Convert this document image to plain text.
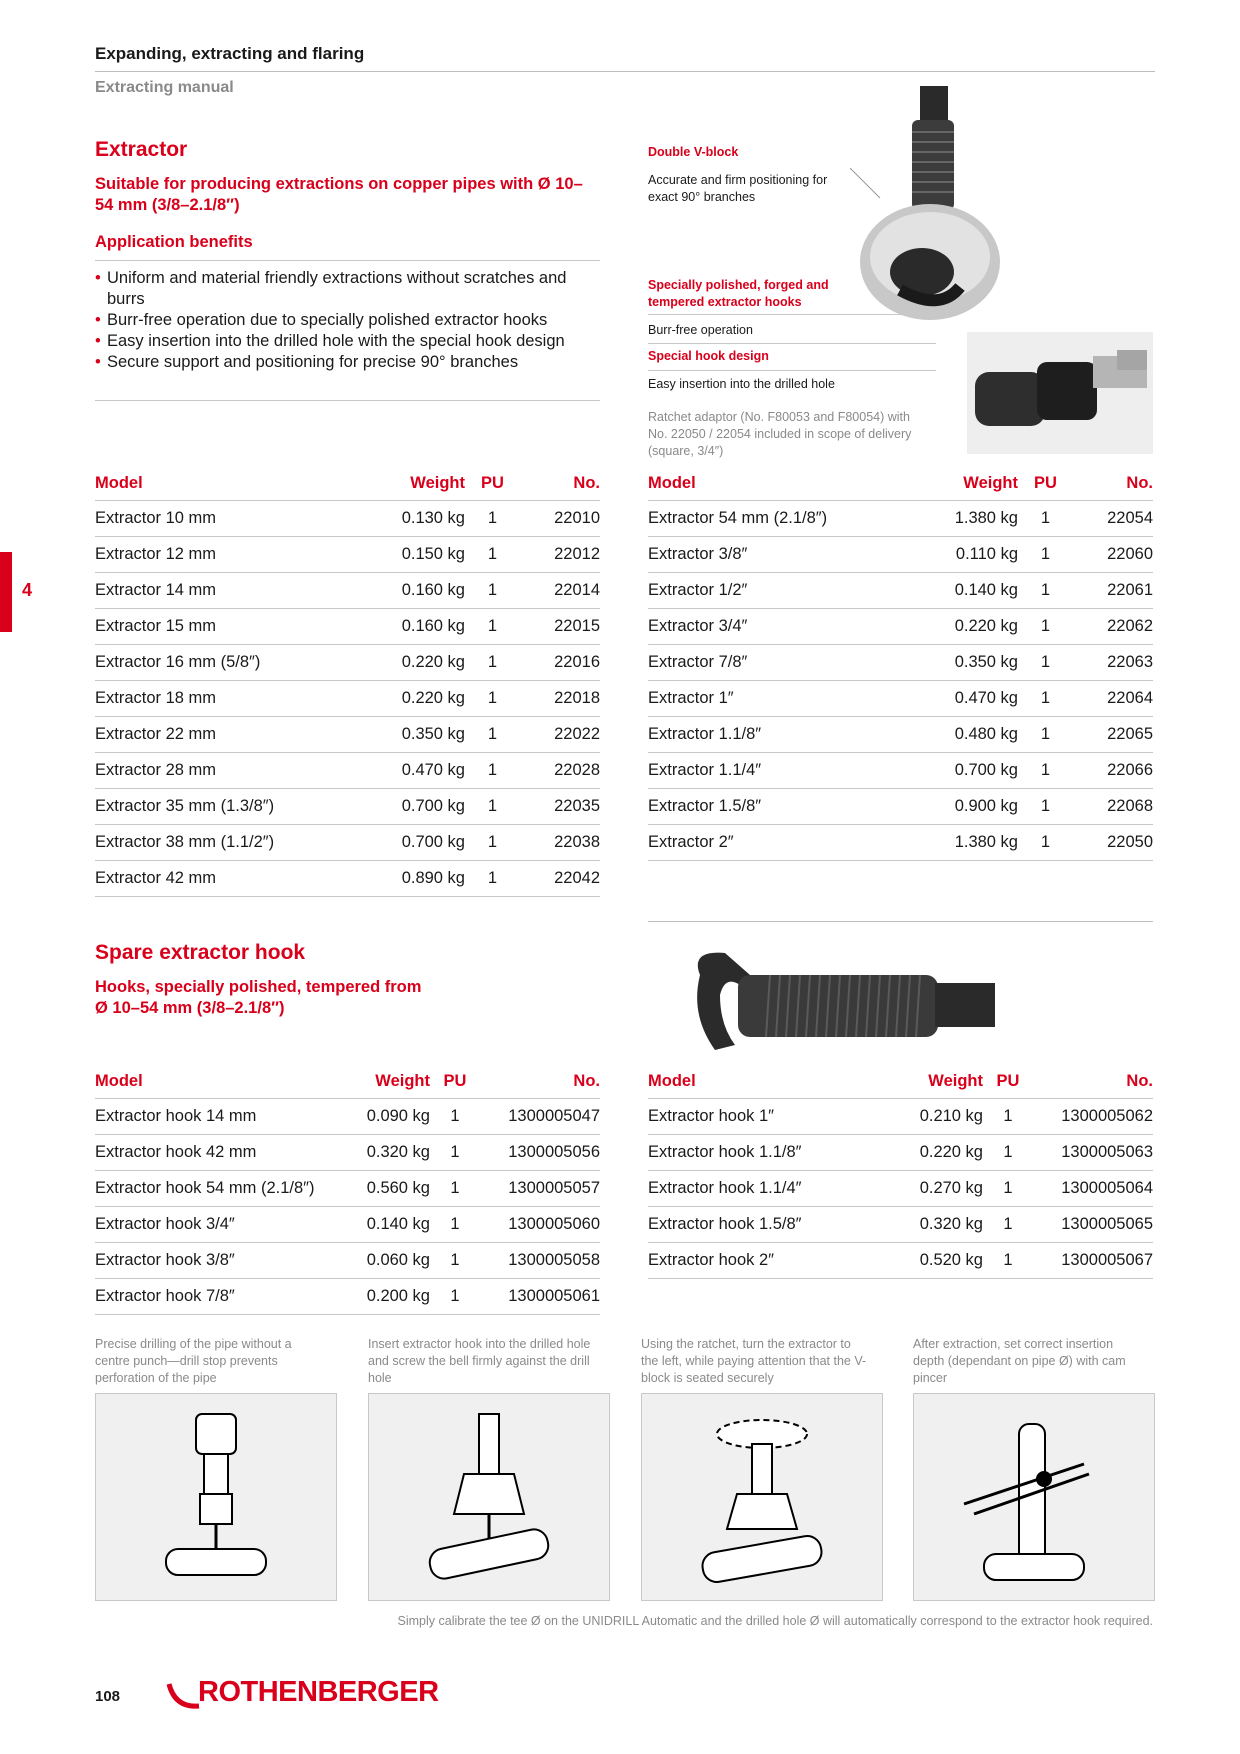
Expanding, extracting and flaring
Extracting manual
4
Extractor
Suitable for producing extractions on copper pipes with Ø 10–54 mm (3/8–2.1/8″)
Application benefits
• Uniform and material friendly extractions without scratches and burrs
• Burr-free operation due to specially polished extractor hooks
• Easy insertion into the drilled hole with the special hook design
• Secure support and positioning for precise 90° branches
Double V-block
Accurate and firm positioning for exact 90° branches
Specially polished, forged and tempered extractor hooks
Burr-free operation
Special hook design
Easy insertion into the drilled hole
Ratchet adaptor (No. F80053 and F80054) with No. 22050 / 22054 included in scope of delivery (square, 3/4″)
Model	Weight	PU	No.
Extractor 10 mm	0.130 kg	1	22010
Extractor 12 mm	0.150 kg	1	22012
Extractor 14 mm	0.160 kg	1	22014
Extractor 15 mm	0.160 kg	1	22015
Extractor 16 mm (5/8″)	0.220 kg	1	22016
Extractor 18 mm	0.220 kg	1	22018
Extractor 22 mm	0.350 kg	1	22022
Extractor 28 mm	0.470 kg	1	22028
Extractor 35 mm (1.3/8″)	0.700 kg	1	22035
Extractor 38 mm (1.1/2″)	0.700 kg	1	22038
Extractor 42 mm	0.890 kg	1	22042
Model	Weight	PU	No.
Extractor 54 mm (2.1/8″)	1.380 kg	1	22054
Extractor 3/8″	0.110 kg	1	22060
Extractor 1/2″	0.140 kg	1	22061
Extractor 3/4″	0.220 kg	1	22062
Extractor 7/8″	0.350 kg	1	22063
Extractor 1″	0.470 kg	1	22064
Extractor 1.1/8″	0.480 kg	1	22065
Extractor 1.1/4″	0.700 kg	1	22066
Extractor 1.5/8″	0.900 kg	1	22068
Extractor 2″	1.380 kg	1	22050
Spare extractor hook
Hooks, specially polished, tempered from Ø 10–54 mm (3/8–2.1/8″)
Model	Weight	PU	No.
Extractor hook 14 mm	0.090 kg	1	1300005047
Extractor hook 42 mm	0.320 kg	1	1300005056
Extractor hook 54 mm (2.1/8″)	0.560 kg	1	1300005057
Extractor hook 3/4″	0.140 kg	1	1300005060
Extractor hook 3/8″	0.060 kg	1	1300005058
Extractor hook 7/8″	0.200 kg	1	1300005061
Model	Weight	PU	No.
Extractor hook 1″	0.210 kg	1	1300005062
Extractor hook 1.1/8″	0.220 kg	1	1300005063
Extractor hook 1.1/4″	0.270 kg	1	1300005064
Extractor hook 1.5/8″	0.320 kg	1	1300005065
Extractor hook 2″	0.520 kg	1	1300005067
Precise drilling of the pipe without a centre punch—drill stop prevents perforation of the pipe
Insert extractor hook into the drilled hole and screw the bell firmly against the drill hole
Using the ratchet, turn the extractor to the left, while paying attention that the V-block is seated securely
After extraction, set correct insertion depth (dependant on pipe Ø) with cam pincer
Simply calibrate the tee Ø on the UNIDRILL Automatic and the drilled hole Ø will automatically correspond to the extractor hook required.
108	ROTHENBERGER
